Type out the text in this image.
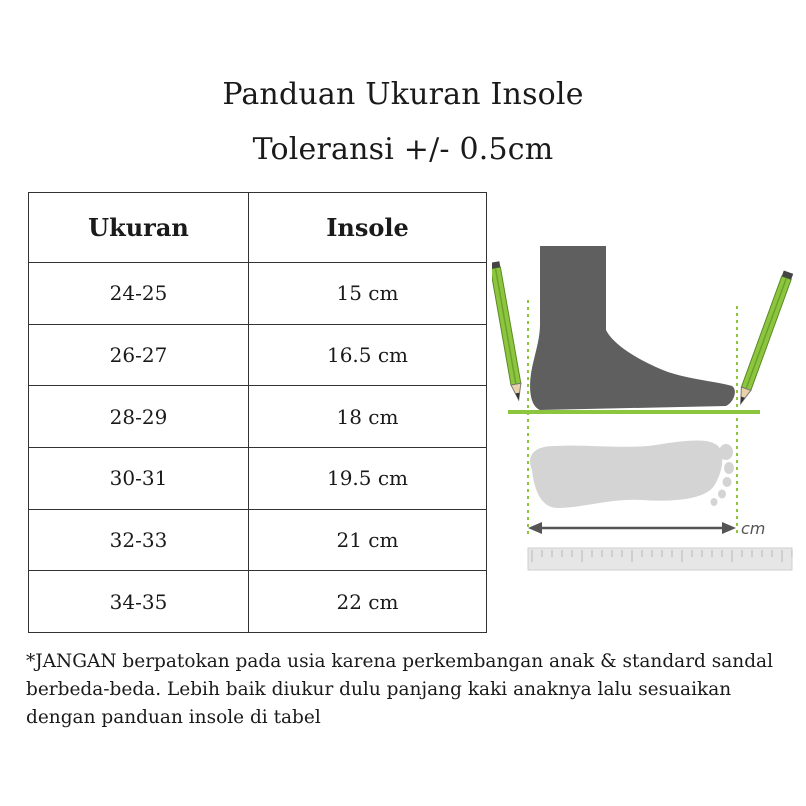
Panduan Ukuran Insole
Toleransi +/- 0.5cm
Ukuran	Insole
24-25	15 cm
26-27	16.5 cm
28-29	18 cm
30-31	19.5 cm
32-33	21 cm
34-35	22 cm
cm
*JANGAN berpatokan pada usia karena perkembangan anak & standard sandal berbeda-beda. Lebih baik diukur dulu panjang kaki anaknya lalu sesuaikan dengan panduan insole di tabel
